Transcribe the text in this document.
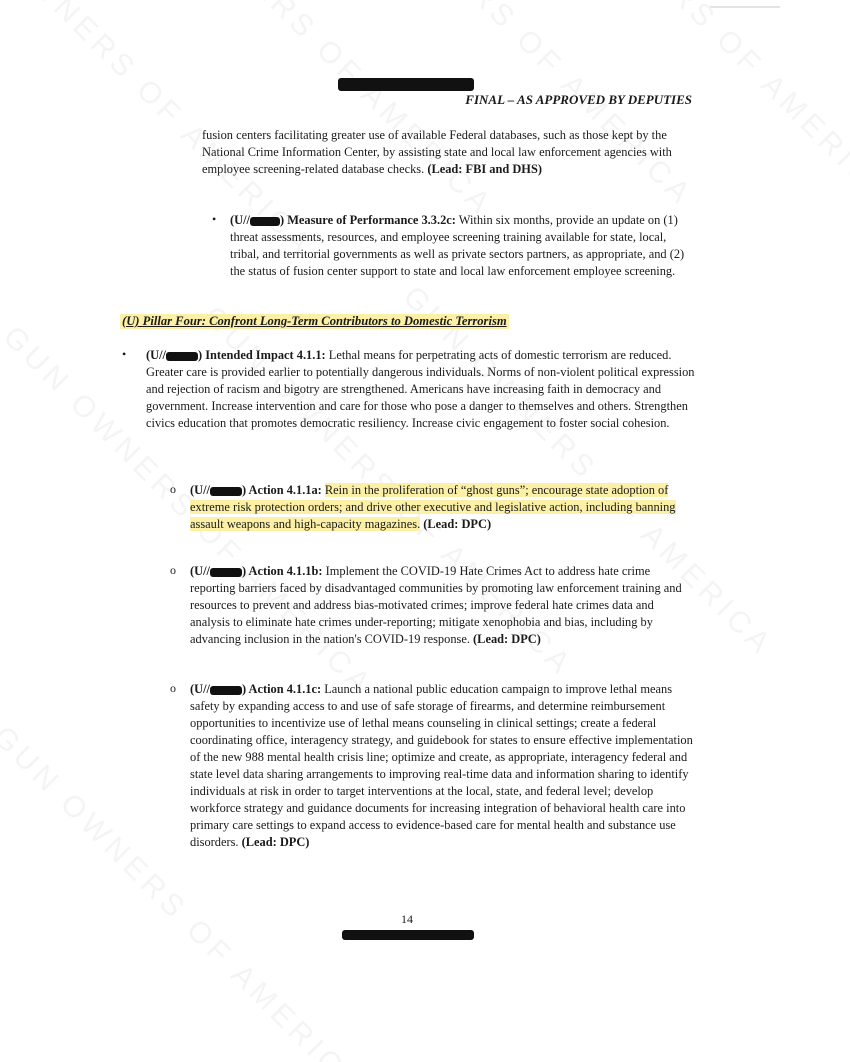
FINAL – AS APPROVED BY DEPUTIES
fusion centers facilitating greater use of available Federal databases, such as those kept by the National Crime Information Center, by assisting state and local law enforcement agencies with employee screening-related database checks. (Lead: FBI and DHS)
• (U// ) Measure of Performance 3.3.2c: Within six months, provide an update on (1) threat assessments, resources, and employee screening training available for state, local, tribal, and territorial governments as well as private sectors partners, as appropriate, and (2) the status of fusion center support to state and local law enforcement employee screening.
(U) Pillar Four: Confront Long-Term Contributors to Domestic Terrorism
• (U//	) Intended Impact 4.1.1: Lethal means for perpetrating acts of domestic terrorism are reduced. Greater care is provided earlier to potentially dangerous individuals. Norms of non-violent political expression and rejection of racism and bigotry are strengthened. Americans have increasing faith in democracy and government. Increase intervention and care for those who pose a danger to themselves and others. Strengthen civics education that promotes democratic resiliency. Increase civic engagement to foster social cohesion.
o (U//	) Action 4.1.1a: Rein in the proliferation of “ghost guns”; encourage state adoption of extreme risk protection orders; and drive other executive and legislative action, including banning assault weapons and high-capacity magazines. (Lead: DPC)
o (U//	) Action 4.1.1b: Implement the COVID-19 Hate Crimes Act to address hate crime reporting barriers faced by disadvantaged communities by promoting law enforcement training and resources to prevent and address bias-motivated crimes; improve federal hate crimes data and analysis to eliminate hate crimes under-reporting; mitigate xenophobia and bias, including by advancing inclusion in the nation's COVID-19 response. (Lead: DPC)
o (U//	) Action 4.1.1c: Launch a national public education campaign to improve lethal means safety by expanding access to and use of safe storage of firearms, and determine reimbursement opportunities to incentivize use of lethal means counseling in clinical settings; create a federal coordinating office, interagency strategy, and guidebook for states to ensure effective implementation of the new 988 mental health crisis line; optimize and create, as appropriate, interagency federal and state level data sharing arrangements to improving real-time data and information sharing to identify individuals at risk in order to target interventions at the local, state, and federal level; develop workforce strategy and guidance documents for increasing integration of behavioral health care into primary care settings to expand access to evidence-based care for mental health and substance use disorders. (Lead: DPC)
14
